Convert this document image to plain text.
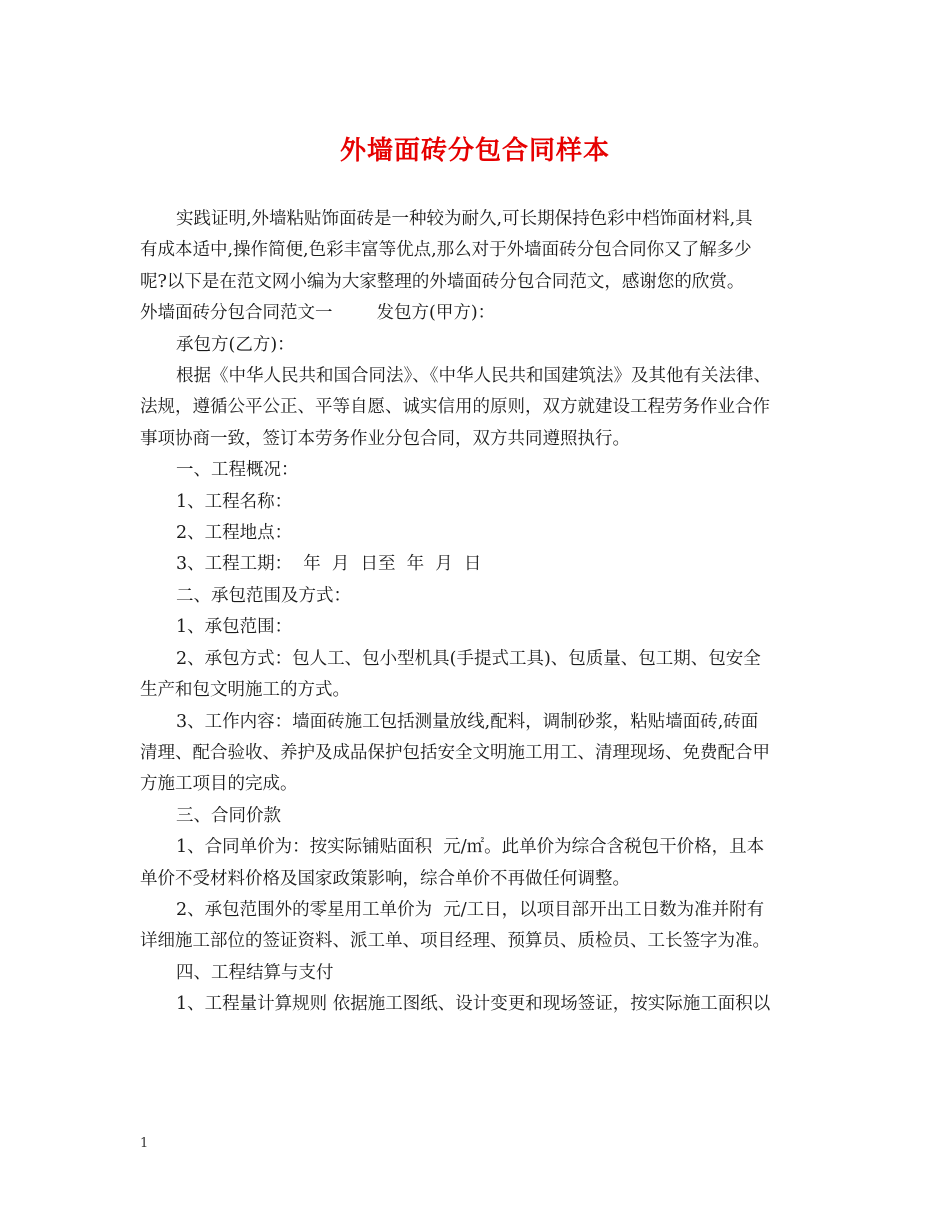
外墙面砖分包合同样本

实践证明,外墙粘贴饰面砖是一种较为耐久,可长期保持色彩中档饰面材料,具
有成本适中,操作简便,色彩丰富等优点,那么对于外墙面砖分包合同你又了解多少
呢?以下是在范文网小编为大家整理的外墙面砖分包合同范文，感谢您的欣赏。

外墙面砖分包合同范文一	发包方(甲方)：

承包方(乙方)：

根据《中华人民共和国合同法》、《中华人民共和国建筑法》及其他有关法律、
法规，遵循公平公正、平等自愿、诚实信用的原则，双方就建设工程劳务作业合作
事项协商一致，签订本劳务作业分包合同，双方共同遵照执行。

一、工程概况：

1、工程名称：

2、工程地点：

3、工程工期：  年  月  日至  年  月  日

二、承包范围及方式：

1、承包范围：

2、承包方式：包人工、包小型机具(手提式工具)、包质量、包工期、包安全
生产和包文明施工的方式。

3、工作内容：墙面砖施工包括测量放线,配料，调制砂浆，粘贴墙面砖,砖面
清理、配合验收、养护及成品保护包括安全文明施工用工、清理现场、免费配合甲
方施工项目的完成。

三、合同价款

1、合同单价为：按实际铺贴面积  元/㎡。此单价为综合含税包干价格，且本
单价不受材料价格及国家政策影响，综合单价不再做任何调整。

2、承包范围外的零星用工单价为  元/工日，以项目部开出工日数为准并附有
详细施工部位的签证资料、派工单、项目经理、预算员、质检员、工长签字为准。

四、工程结算与支付

1、工程量计算规则 依据施工图纸、设计变更和现场签证，按实际施工面积以

1
